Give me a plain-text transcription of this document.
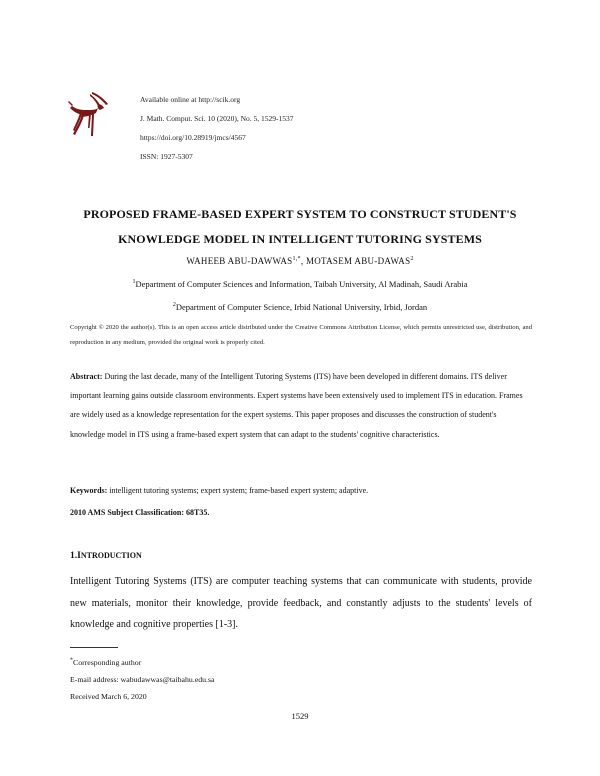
Available online at http://scik.org
J. Math. Comput. Sci. 10 (2020), No. 5, 1529-1537
https://doi.org/10.28919/jmcs/4567
ISSN: 1927-5307
PROPOSED FRAME-BASED EXPERT SYSTEM TO CONSTRUCT STUDENT'S
KNOWLEDGE MODEL IN INTELLIGENT TUTORING SYSTEMS
WAHEEB ABU-$DAWWAS^{1,*}$, MOTASEM ABU-DAWAS$^2$
$^1$Department of Computer Sciences and Information, Taibah University, Al Madinah, Saudi Arabia
$^2$Department of Computer Science, Irbid National University, Irbid, Jordan
Copyright © 2020 the author(s). This is an open access article distributed under the Creative Commons Attribution License, which permits unrestricted use, distribution, and reproduction in any medium, provided the original work is properly cited.
Abstract: During the last decade, many of the Intelligent Tutoring Systems (ITS) have been developed in different domains. ITS deliver important learning gains outside classroom environments. Expert systems have been extensively used to implement ITS in education. Frames are widely used as a knowledge representation for the expert systems. This paper proposes and discusses the construction of student's knowledge model in ITS using a frame-based expert system that can adapt to the students' cognitive characteristics.
Keywords: intelligent tutoring systems; expert system; frame-based expert system; adaptive.
2010 AMS Subject Classification: 68T35.
1.INTRODUCTION
Intelligent Tutoring Systems (ITS) are computer teaching systems that can communicate with students, provide new materials, monitor their knowledge, provide feedback, and constantly adjusts to the students' levels of knowledge and cognitive properties [1-3].
*Corresponding author
E-mail address: wabudawwas@taibahu.edu.sa
Received March 6, 2020
1529
